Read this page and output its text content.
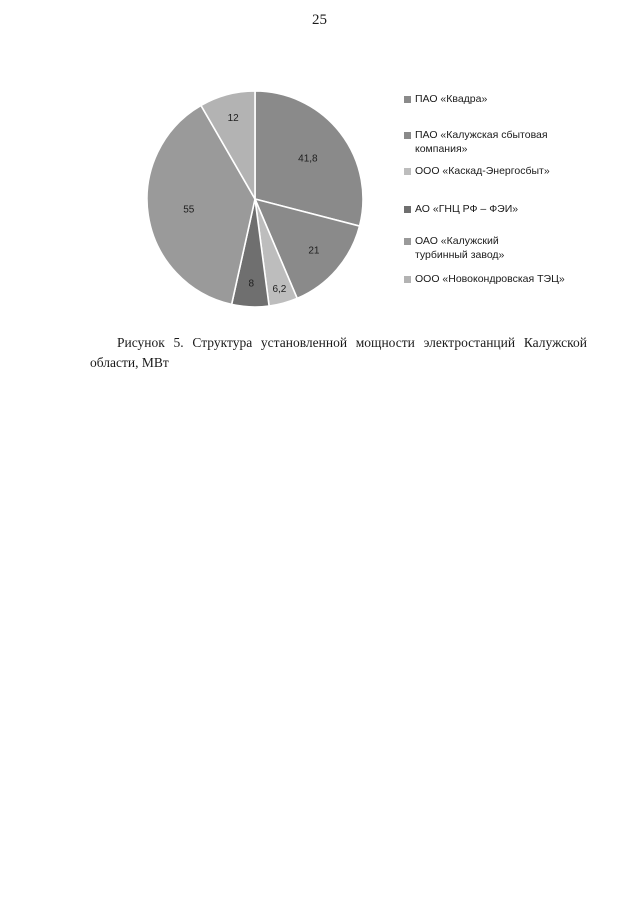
25
41,8
21
6,2
8
55
12
ПАО «Квадра»
ПАО «Калужская сбытовая компания»
ООО «Каскад-Энергосбыт»
АО «ГНЦ РФ – ФЭИ»
ОАО «Калужский турбинный завод»
ООО «Новокондровская ТЭЦ»

Рисунок 5. Структура установленной мощности электростанций Калужской области, МВт
